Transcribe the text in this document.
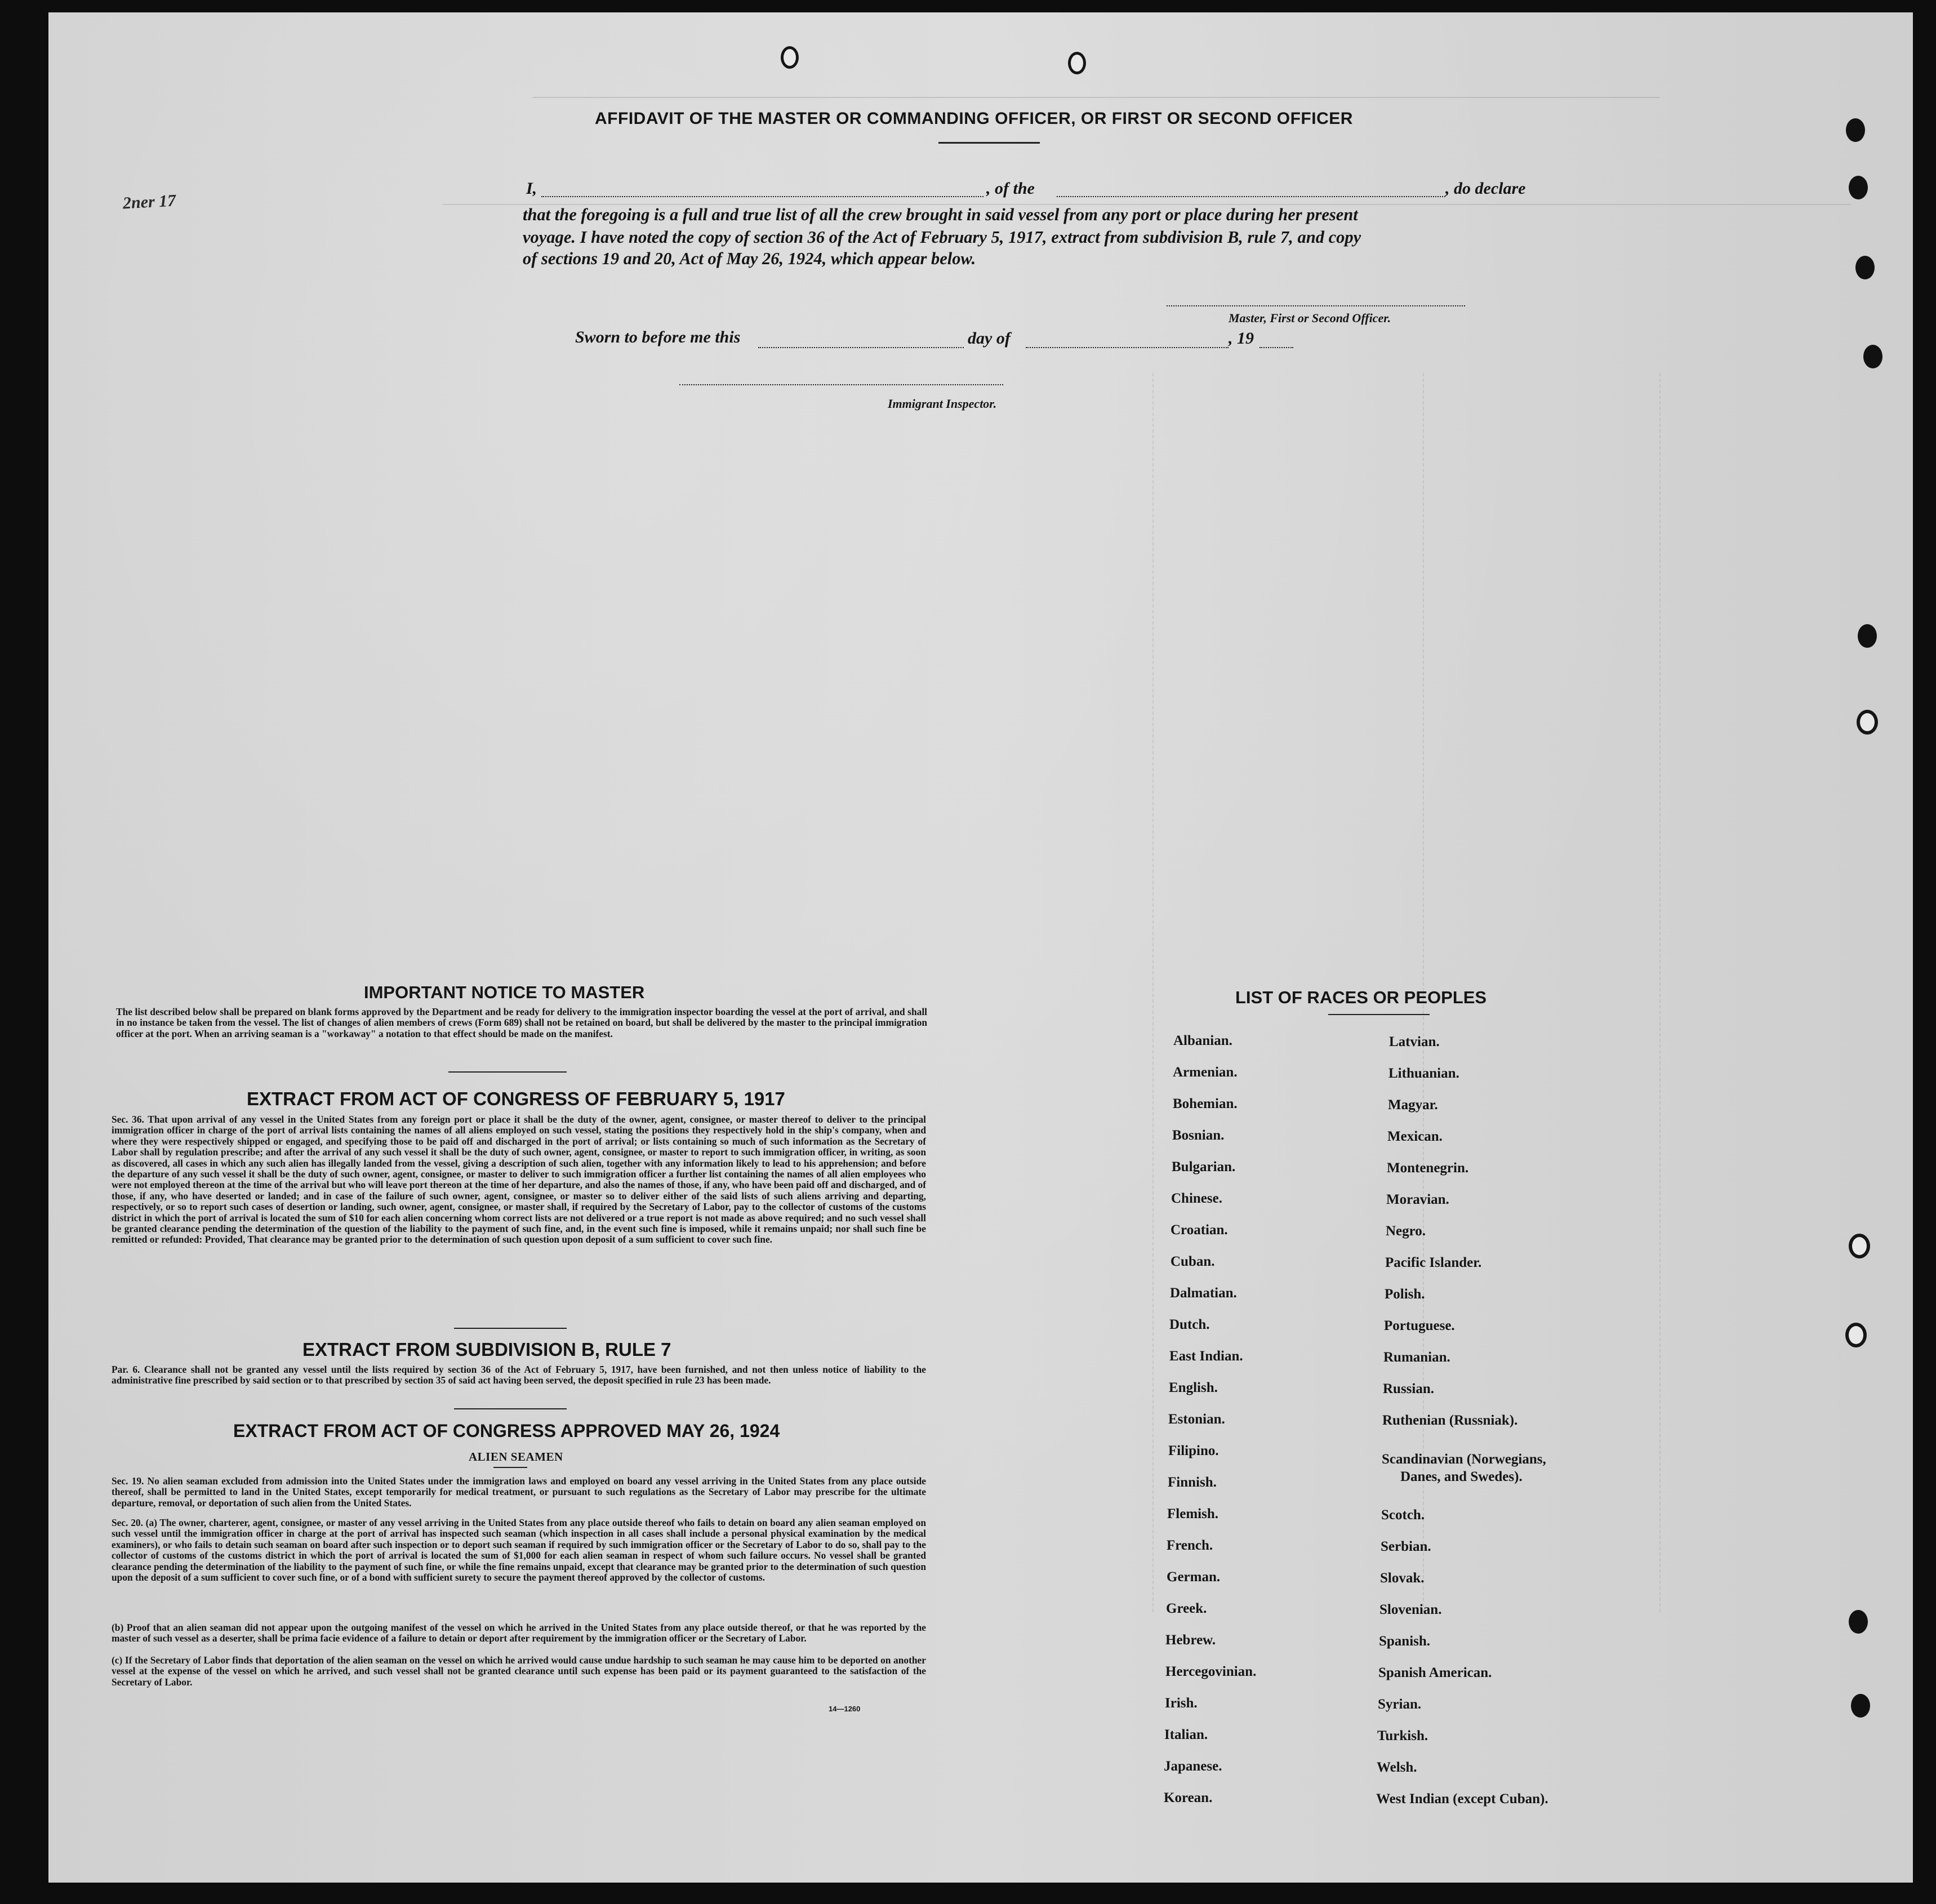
2ner 17
AFFIDAVIT OF THE MASTER OR COMMANDING OFFICER, OR FIRST OR SECOND OFFICER
I,	, of the	, do declare
that the foregoing is a full and true list of all the crew brought in said vessel from any port or place during her present
voyage. I have noted the copy of section 36 of the Act of February 5, 1917, extract from subdivision B, rule 7, and copy
of sections 19 and 20, Act of May 26, 1924, which appear below.
Master, First or Second Officer.
Sworn to before me this	day of	, 19
Immigrant Inspector.
IMPORTANT NOTICE TO MASTER

The list described below shall be prepared on blank forms approved by the Department and be ready for delivery to the immigration inspector boarding the vessel at the port of arrival, and shall in no instance be taken from the vessel. The list of changes of alien members of crews (Form 689) shall not be retained on board, but shall be delivered by the master to the principal immigration officer at the port. When an arriving seaman is a "workaway" a notation to that effect should be made on the manifest.

EXTRACT FROM ACT OF CONGRESS OF FEBRUARY 5, 1917

Sec. 36. That upon arrival of any vessel in the United States from any foreign port or place it shall be the duty of the owner, agent, consignee, or master thereof to deliver to the principal immigration officer in charge of the port of arrival lists containing the names of all aliens employed on such vessel, stating the positions they respectively hold in the ship's company, when and where they were respectively shipped or engaged, and specifying those to be paid off and discharged in the port of arrival; or lists containing so much of such information as the Secretary of Labor shall by regulation prescribe; and after the arrival of any such vessel it shall be the duty of such owner, agent, consignee, or master to report to such immigration officer, in writing, as soon as discovered, all cases in which any such alien has illegally landed from the vessel, giving a description of such alien, together with any information likely to lead to his apprehension; and before the departure of any such vessel it shall be the duty of such owner, agent, consignee, or master to deliver to such immigration officer a further list containing the names of all alien employees who were not employed thereon at the time of the arrival but who will leave port thereon at the time of her departure, and also the names of those, if any, who have been paid off and discharged, and of those, if any, who have deserted or landed; and in case of the failure of such owner, agent, consignee, or master so to deliver either of the said lists of such aliens arriving and departing, respectively, or so to report such cases of desertion or landing, such owner, agent, consignee, or master shall, if required by the Secretary of Labor, pay to the collector of customs of the customs district in which the port of arrival is located the sum of $10 for each alien concerning whom correct lists are not delivered or a true report is not made as above required; and no such vessel shall be granted clearance pending the determination of the question of the liability to the payment of such fine, and, in the event such fine is imposed, while it remains unpaid; nor shall such fine be remitted or refunded: Provided, That clearance may be granted prior to the determination of such question upon deposit of a sum sufficient to cover such fine.

EXTRACT FROM SUBDIVISION B, RULE 7

Par. 6. Clearance shall not be granted any vessel until the lists required by section 36 of the Act of February 5, 1917, have been furnished, and not then unless notice of liability to the administrative fine prescribed by said section or to that prescribed by section 35 of said act having been served, the deposit specified in rule 23 has been made.

EXTRACT FROM ACT OF CONGRESS APPROVED MAY 26, 1924
ALIEN SEAMEN

Sec. 19. No alien seaman excluded from admission into the United States under the immigration laws and employed on board any vessel arriving in the United States from any place outside thereof, shall be permitted to land in the United States, except temporarily for medical treatment, or pursuant to such regulations as the Secretary of Labor may prescribe for the ultimate departure, removal, or deportation of such alien from the United States.

Sec. 20. (a) The owner, charterer, agent, consignee, or master of any vessel arriving in the United States from any place outside thereof who fails to detain on board any alien seaman employed on such vessel until the immigration officer in charge at the port of arrival has inspected such seaman (which inspection in all cases shall include a personal physical examination by the medical examiners), or who fails to detain such seaman on board after such inspection or to deport such seaman if required by such immigration officer or the Secretary of Labor to do so, shall pay to the collector of customs of the customs district in which the port of arrival is located the sum of $1,000 for each alien seaman in respect of whom such failure occurs. No vessel shall be granted clearance pending the determination of the liability to the payment of such fine, or while the fine remains unpaid, except that clearance may be granted prior to the determination of such question upon the deposit of a sum sufficient to cover such fine, or of a bond with sufficient surety to secure the payment thereof approved by the collector of customs.

(b) Proof that an alien seaman did not appear upon the outgoing manifest of the vessel on which he arrived in the United States from any place outside thereof, or that he was reported by the master of such vessel as a deserter, shall be prima facie evidence of a failure to detain or deport after requirement by the immigration officer or the Secretary of Labor.

(c) If the Secretary of Labor finds that deportation of the alien seaman on the vessel on which he arrived would cause undue hardship to such seaman he may cause him to be deported on another vessel at the expense of the vessel on which he arrived, and such vessel shall not be granted clearance until such expense has been paid or its payment guaranteed to the satisfaction of the Secretary of Labor.

14—1260
LIST OF RACES OR PEOPLES
Albanian.
Armenian.
Bohemian.
Bosnian.
Bulgarian.
Chinese.
Croatian.
Cuban.
Dalmatian.
Dutch.
East Indian.
English.
Estonian.
Filipino.
Finnish.
Flemish.
French.
German.
Greek.
Hebrew.
Hercegovinian.
Irish.
Italian.
Japanese.
Korean.
Latvian.
Lithuanian.
Magyar.
Mexican.
Montenegrin.
Moravian.
Negro.
Pacific Islander.
Polish.
Portuguese.
Rumanian.
Russian.
Ruthenian (Russniak).
Scandinavian (Norwegians,
Danes, and Swedes).
Scotch.
Serbian.
Slovak.
Slovenian.
Spanish.
Spanish American.
Syrian.
Turkish.
Welsh.
West Indian (except Cuban).
